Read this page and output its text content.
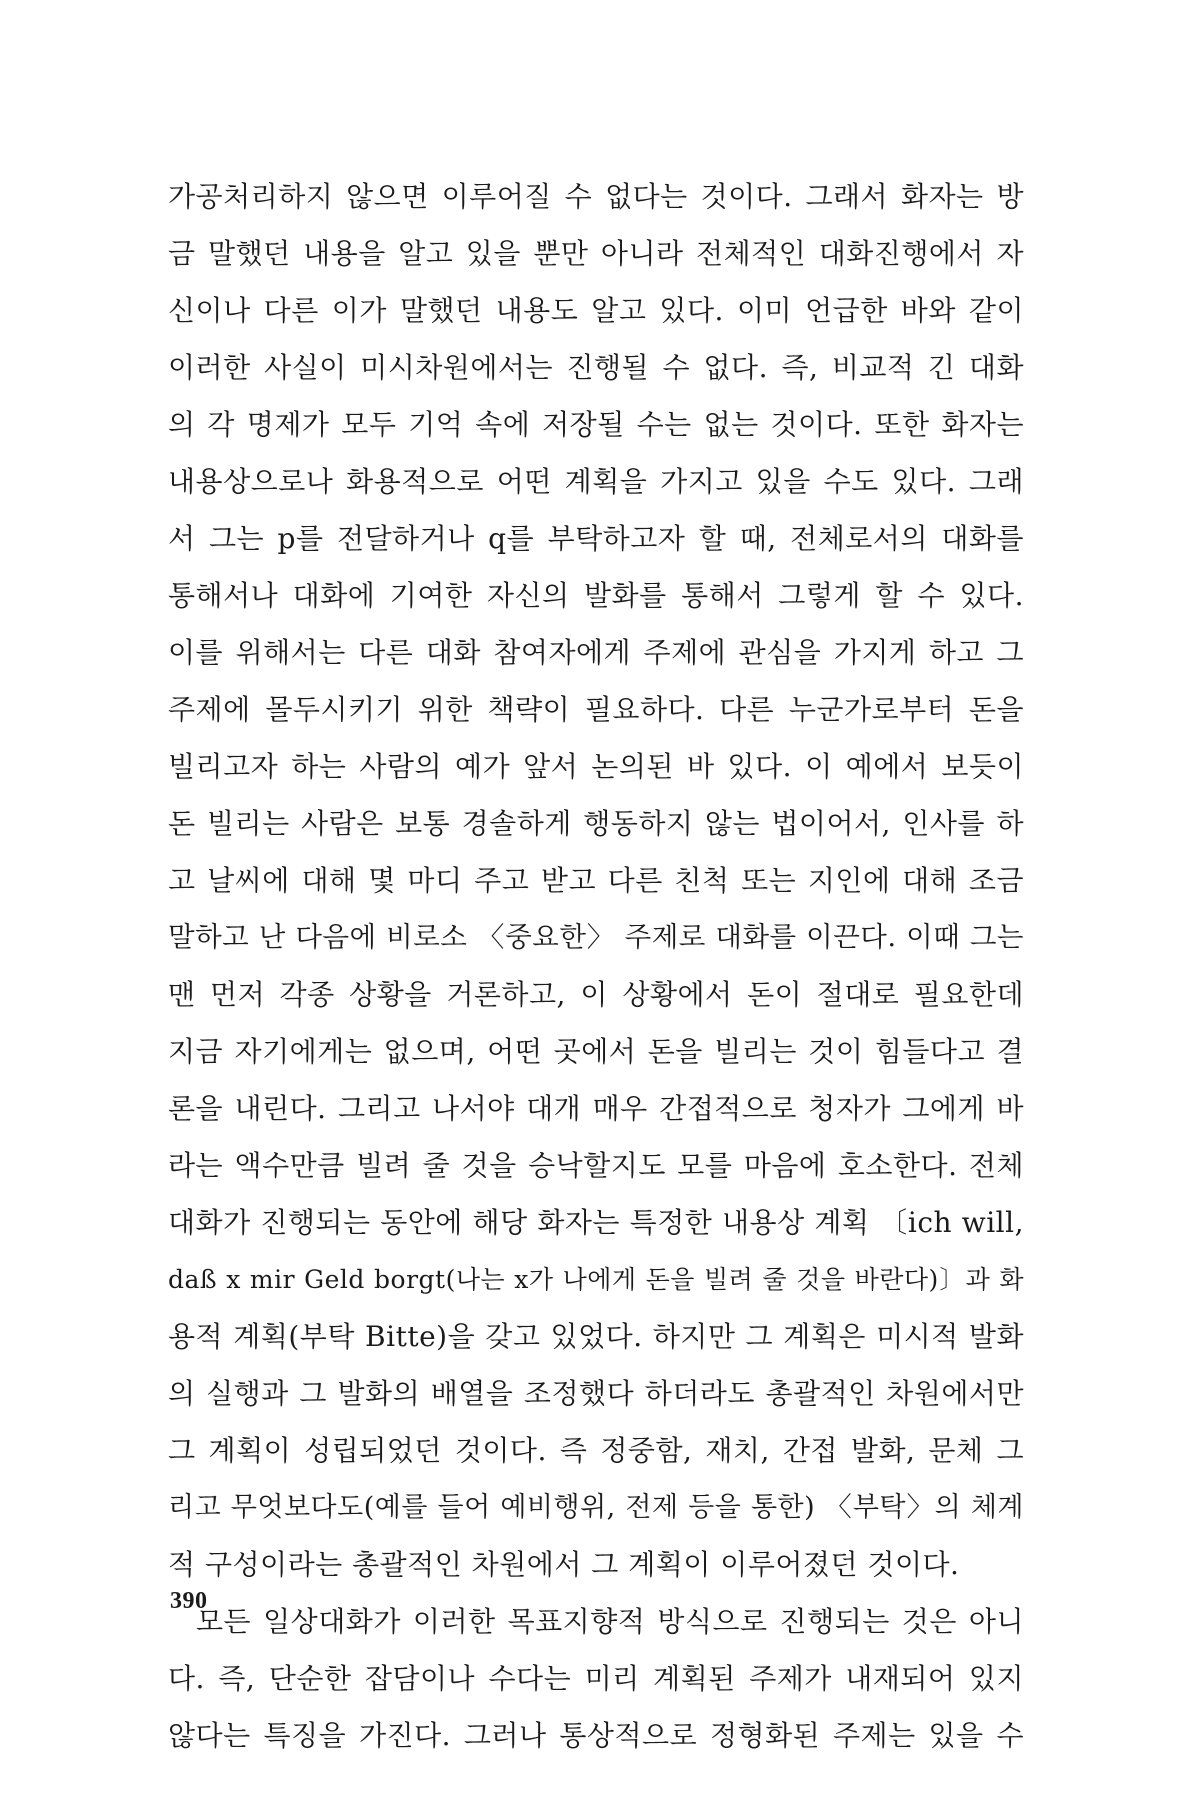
가공처리하지 않으면 이루어질 수 없다는 것이다. 그래서 화자는 방
금 말했던 내용을 알고 있을 뿐만 아니라 전체적인 대화진행에서 자
신이나 다른 이가 말했던 내용도 알고 있다. 이미 언급한 바와 같이
이러한 사실이 미시차원에서는 진행될 수 없다. 즉, 비교적 긴 대화
의 각 명제가 모두 기억 속에 저장될 수는 없는 것이다. 또한 화자는
내용상으로나 화용적으로 어떤 계획을 가지고 있을 수도 있다. 그래
서 그는 p를 전달하거나 q를 부탁하고자 할 때, 전체로서의 대화를
통해서나 대화에 기여한 자신의 발화를 통해서 그렇게 할 수 있다.
이를 위해서는 다른 대화 참여자에게 주제에 관심을 가지게 하고 그
주제에 몰두시키기 위한 책략이 필요하다. 다른 누군가로부터 돈을
빌리고자 하는 사람의 예가 앞서 논의된 바 있다. 이 예에서 보듯이
돈 빌리는 사람은 보통 경솔하게 행동하지 않는 법이어서, 인사를 하
고 날씨에 대해 몇 마디 주고 받고 다른 친척 또는 지인에 대해 조금
말하고 난 다음에 비로소 〈중요한〉 주제로 대화를 이끈다. 이때 그는
맨 먼저 각종 상황을 거론하고, 이 상황에서 돈이 절대로 필요한데
지금 자기에게는 없으며, 어떤 곳에서 돈을 빌리는 것이 힘들다고 결
론을 내린다. 그리고 나서야 대개 매우 간접적으로 청자가 그에게 바
라는 액수만큼 빌려 줄 것을 승낙할지도 모를 마음에 호소한다. 전체
대화가 진행되는 동안에 해당 화자는 특정한 내용상 계획 〔ich will,
daß x mir Geld borgt(나는 x가 나에게 돈을 빌려 줄 것을 바란다)〕과 화
용적 계획(부탁 Bitte)을 갖고 있었다. 하지만 그 계획은 미시적 발화
의 실행과 그 발화의 배열을 조정했다 하더라도 총괄적인 차원에서만
그 계획이 성립되었던 것이다. 즉 정중함, 재치, 간접 발화, 문체 그
리고 무엇보다도(예를 들어 예비행위, 전제 등을 통한) 〈부탁〉의 체계
적 구성이라는 총괄적인 차원에서 그 계획이 이루어졌던 것이다.
모든 일상대화가 이러한 목표지향적 방식으로 진행되는 것은 아니
다. 즉, 단순한 잡담이나 수다는 미리 계획된 주제가 내재되어 있지
않다는 특징을 가진다. 그러나 통상적으로 정형화된 주제는 있을 수
390
